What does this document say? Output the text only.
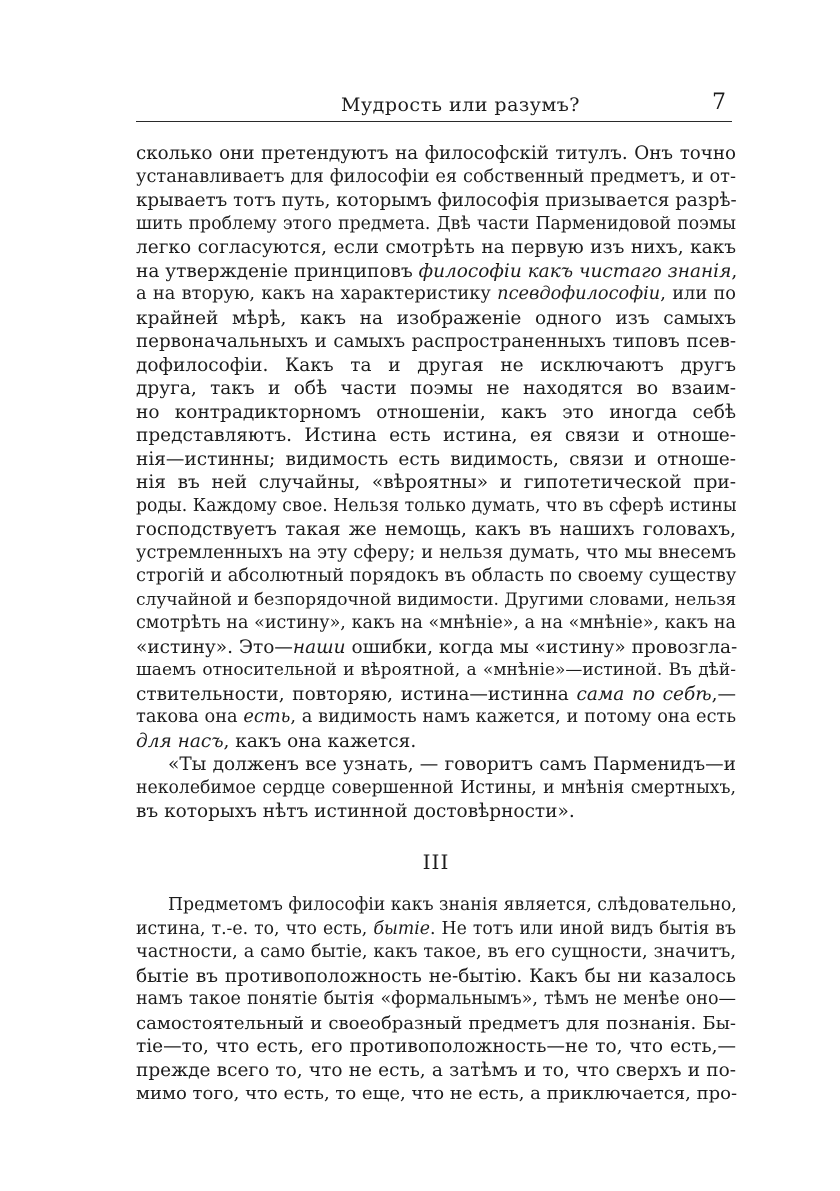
Мудрость или разумъ?	7
сколько они претендуютъ на философскій титулъ. Онъ точно
устанавливаетъ для философіи ея собственный предметъ, и от-
крываетъ тотъ путь, которымъ философія призывается разрѣ-
шить проблему этого предмета. Двѣ части Парменидовой поэмы
легко согласуются, если смотрѣть на первую изъ нихъ, какъ
на утвержденіе принциповъ философіи какъ чистаго знанія,
а на вторую, какъ на характеристику псевдофилософіи, или по
крайней мѣрѣ, какъ на изображеніе одного изъ самыхъ
первоначальныхъ и самыхъ распространенныхъ типовъ псев-
дофилософіи. Какъ та и другая не исключаютъ другъ
друга, такъ и обѣ части поэмы не находятся во взаим-
но контрадикторномъ отношеніи, какъ это иногда себѣ
представляютъ. Истина есть истина, ея связи и отноше-
нія—истинны; видимость есть видимость, связи и отноше-
нія въ ней случайны, «вѣроятны» и гипотетической при-
роды. Каждому свое. Нельзя только думать, что въ сферѣ истины
господствуетъ такая же немощь, какъ въ нашихъ головахъ,
устремленныхъ на эту сферу; и нельзя думать, что мы внесемъ
строгій и абсолютный порядокъ въ область по своему существу
случайной и безпорядочной видимости. Другими словами, нельзя
смотрѣть на «истину», какъ на «мнѣніе», а на «мнѣніе», какъ на
«истину». Это—наши ошибки, когда мы «истину» провозгла-
шаемъ относительной и вѣроятной, а «мнѣніе»—истиной. Въ дѣй-
ствительности, повторяю, истина—истинна сама по себѣ,—
такова она есть, а видимость намъ кажется, и потому она есть
для насъ, какъ она кажется.
«Ты долженъ все узнать, — говоритъ самъ Парменидъ—и
неколебимое сердце совершенной Истины, и мнѣнія смертныхъ,
въ которыхъ нѣтъ истинной достовѣрности».
III
Предметомъ философіи какъ знанія является, слѣдовательно,
истина, т.-е. то, что есть, бытіе. Не тотъ или иной видъ бытія въ
частности, а само бытіе, какъ такое, въ его сущности, значитъ,
бытіе въ противоположность не-бытію. Какъ бы ни казалось
намъ такое понятіе бытія «формальнымъ», тѣмъ не менѣе оно—
самостоятельный и своеобразный предметъ для познанія. Бы-
тіе—то, что есть, его противоположность—не то, что есть,—
прежде всего то, что не есть, а затѣмъ и то, что сверхъ и по-
мимо того, что есть, то еще, что не есть, а приключается, про-
